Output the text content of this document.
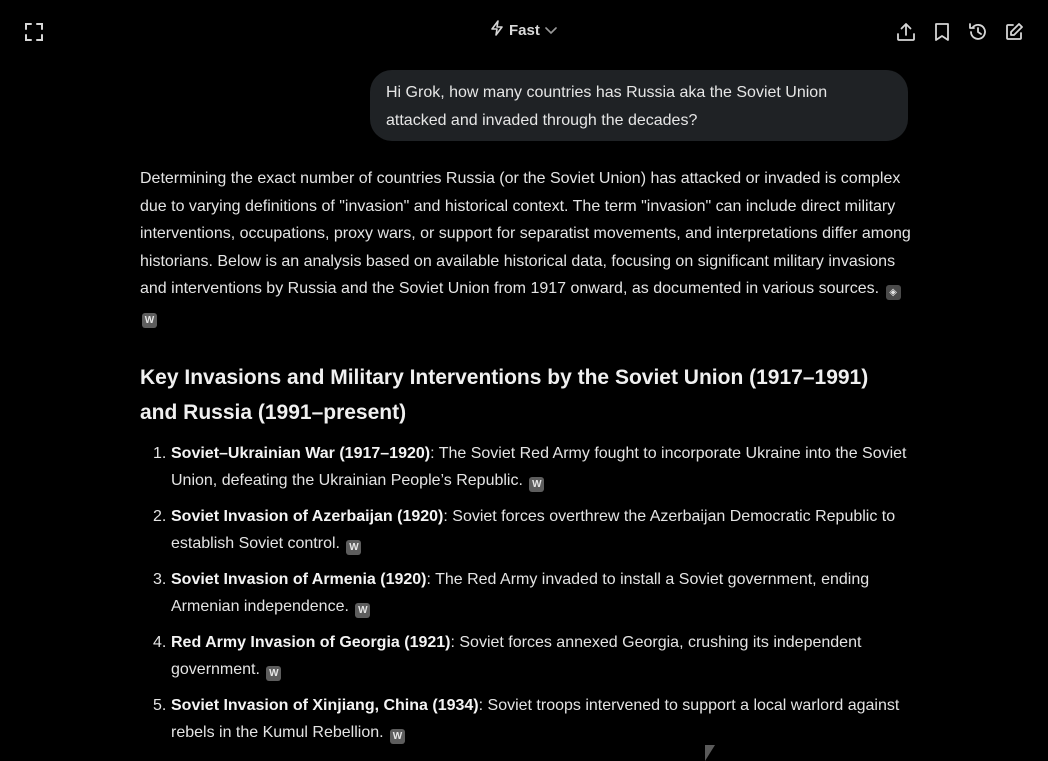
Fast
Hi Grok, how many countries has Russia aka the Soviet Union attacked and invaded through the decades?

Determining the exact number of countries Russia (or the Soviet Union) has attacked or invaded is complex due to varying definitions of "invasion" and historical context. The term "invasion" can include direct military interventions, occupations, proxy wars, or support for separatist movements, and interpretations differ among historians. Below is an analysis based on available historical data, focusing on significant military invasions and interventions by Russia and the Soviet Union from 1917 onward, as documented in various sources. ◈W

Key Invasions and Military Interventions by the Soviet Union (1917–1991) and Russia (1991–present)
1. Soviet–Ukrainian War (1917–1920): The Soviet Red Army fought to incorporate Ukraine into the Soviet Union, defeating the Ukrainian People’s Republic. W
2. Soviet Invasion of Azerbaijan (1920): Soviet forces overthrew the Azerbaijan Democratic Republic to establish Soviet control. W
3. Soviet Invasion of Armenia (1920): The Red Army invaded to install a Soviet government, ending Armenian independence. W
4. Red Army Invasion of Georgia (1921): Soviet forces annexed Georgia, crushing its independent government. W
5. Soviet Invasion of Xinjiang, China (1934): Soviet troops intervened to support a local warlord against rebels in the Kumul Rebellion. W
